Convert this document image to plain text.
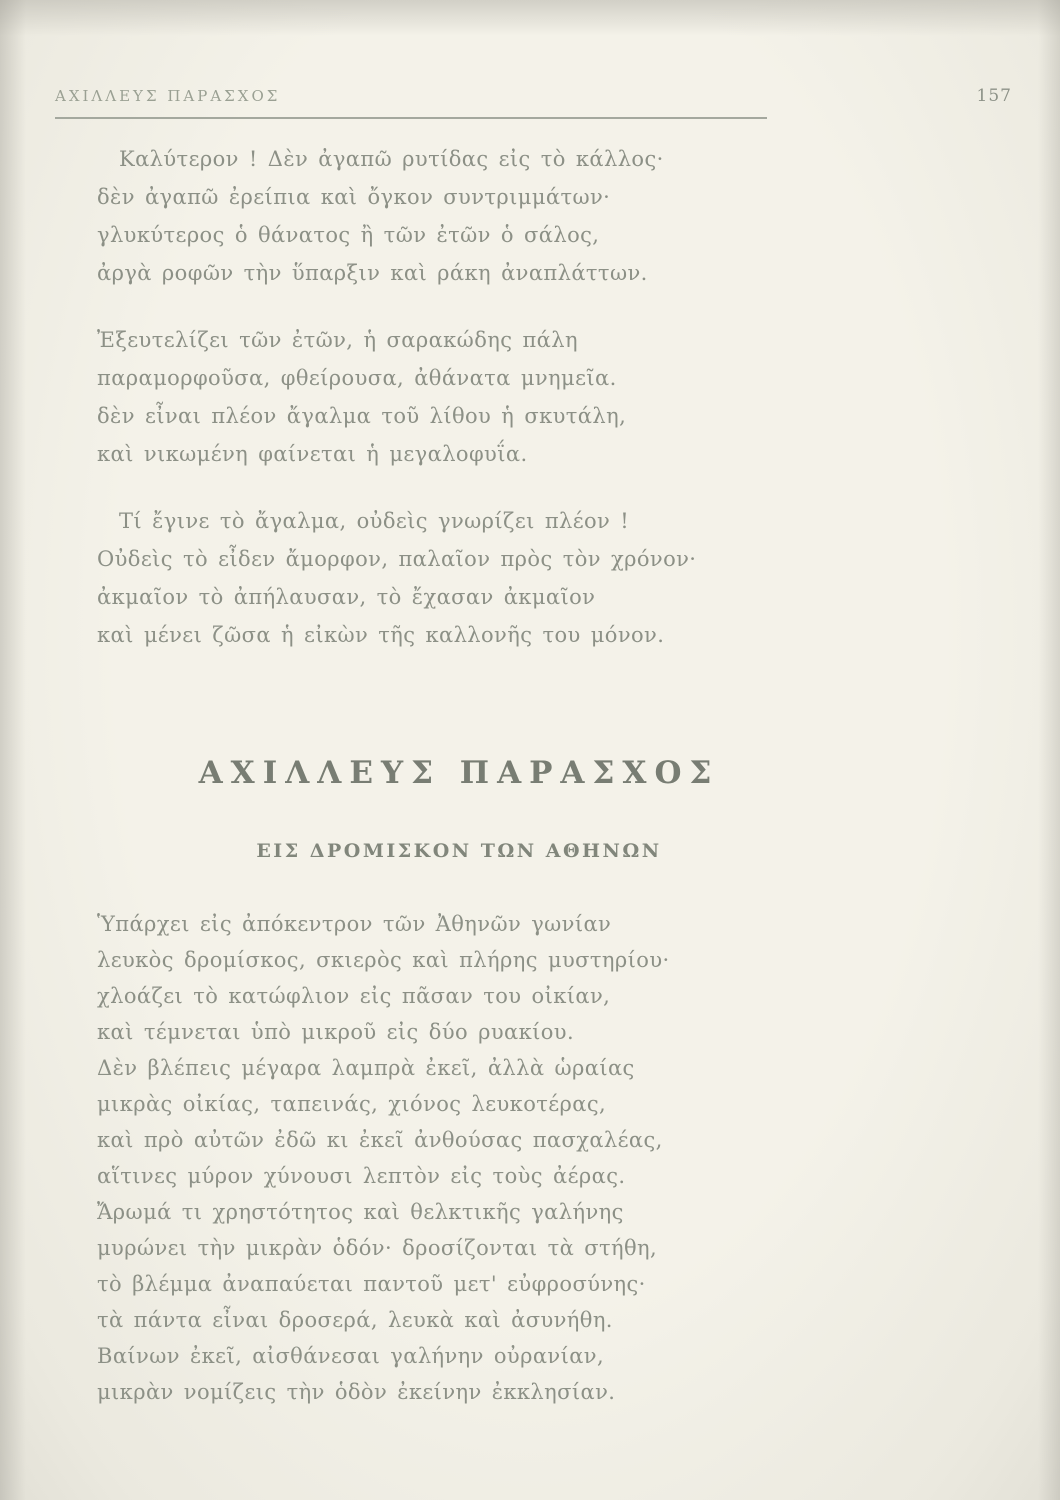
ΑΧΙΛΛΕΥΣ ΠΑΡΑΣΧΟΣ	157

Καλύτερον ! Δὲν ἀγαπῶ ρυτίδας εἰς τὸ κάλλος·

δὲν ἀγαπῶ ἐρείπια καὶ ὄγκον συντριμμάτων·

γλυκύτερος ὁ θάνατος ἢ τῶν ἐτῶν ὁ σάλος,

ἀργὰ ροφῶν τὴν ὕπαρξιν καὶ ράκη ἀναπλάττων.

Ἐξευτελίζει τῶν ἐτῶν, ἡ σαρακώδης πάλη

παραμορφοῦσα, φθείρουσα, ἀθάνατα μνημεῖα.

δὲν εἶναι πλέον ἄγαλμα τοῦ λίθου ἡ σκυτάλη,

καὶ νικωμένη φαίνεται ἡ μεγαλοφυΐα.

Τί ἔγινε τὸ ἄγαλμα, οὐδεὶς γνωρίζει πλέον !

Οὐδεὶς τὸ εἶδεν ἄμορφον, παλαῖον πρὸς τὸν χρόνον·

ἀκμαῖον τὸ ἀπήλαυσαν, τὸ ἔχασαν ἀκμαῖον

καὶ μένει ζῶσα ἡ εἰκὼν τῆς καλλονῆς του μόνον.

ΑΧΙΛΛΕΥΣ ΠΑΡΑΣΧΟΣ
ΕΙΣ ΔΡΟΜΙΣΚΟΝ ΤΩΝ ΑΘΗΝΩΝ

Ὑπάρχει εἰς ἀπόκεντρον τῶν Ἀθηνῶν γωνίαν

λευκὸς δρομίσκος, σκιερὸς καὶ πλήρης μυστηρίου·

χλοάζει τὸ κατώφλιον εἰς πᾶσαν του οἰκίαν,

καὶ τέμνεται ὑπὸ μικροῦ εἰς δύο ρυακίου.

Δὲν βλέπεις μέγαρα λαμπρὰ ἐκεῖ, ἀλλὰ ὡραίας

μικρὰς οἰκίας, ταπεινάς, χιόνος λευκοτέρας,

καὶ πρὸ αὐτῶν ἐδῶ κι ἐκεῖ ἀνθούσας πασχαλέας,

αἵτινες μύρον χύνουσι λεπτὸν εἰς τοὺς ἀέρας.

Ἄρωμά τι χρηστότητος καὶ θελκτικῆς γαλήνης

μυρώνει τὴν μικρὰν ὁδόν· δροσίζονται τὰ στήθη,

τὸ βλέμμα ἀναπαύεται παντοῦ μετ' εὐφροσύνης·

τὰ πάντα εἶναι δροσερά, λευκὰ καὶ ἀσυνήθη.

Βαίνων ἐκεῖ, αἰσθάνεσαι γαλήνην οὐρανίαν,

μικρὰν νομίζεις τὴν ὁδὸν ἐκείνην ἐκκλησίαν.
